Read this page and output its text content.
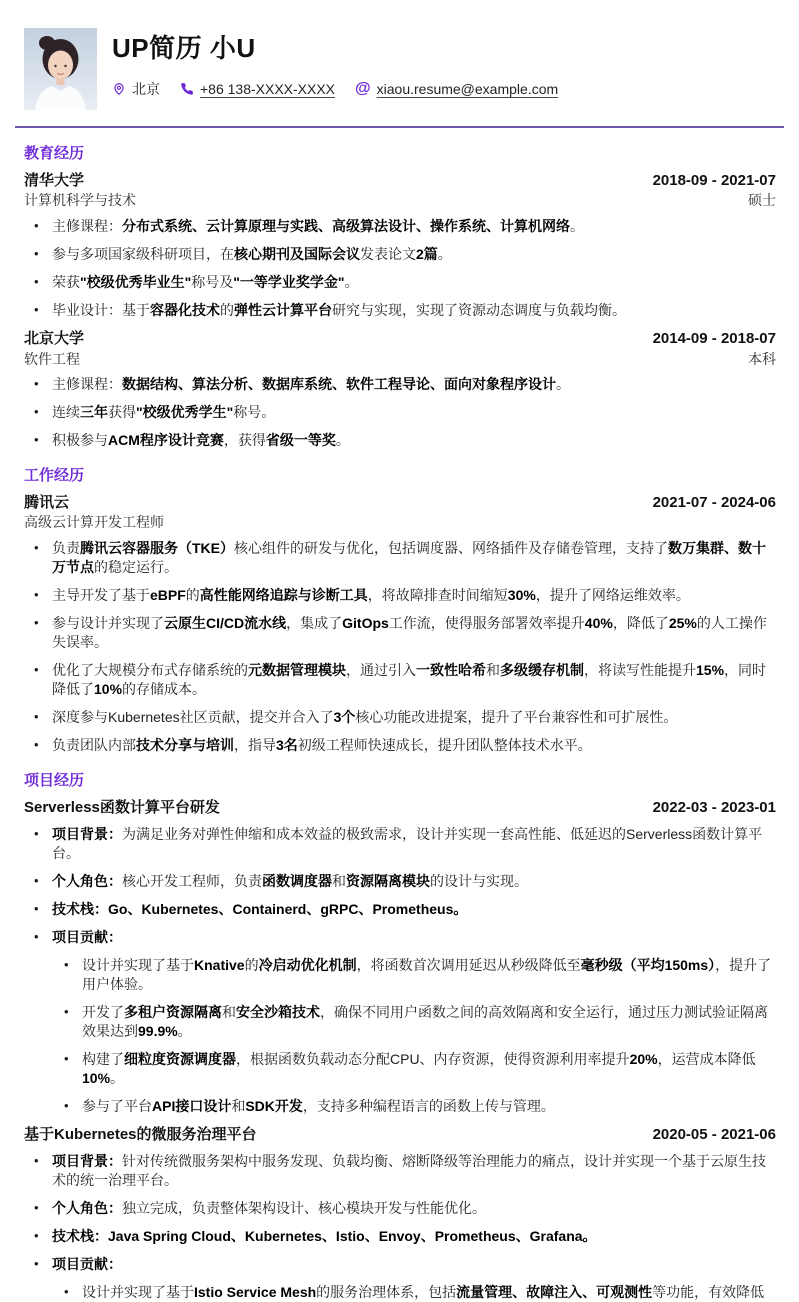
UP简历 小U
北京	+86 138-XXXX-XXXX @ xiaou.resume@example.com
教育经历
清华大学	2018-09 - 2021-07
计算机科学与技术	硕士
• 主修课程：分布式系统、云计算原理与实践、高级算法设计、操作系统、计算机网络。
• 参与多项国家级科研项目，在核心期刊及国际会议发表论文2篇。
• 荣获"校级优秀毕业生"称号及"一等学业奖学金"。
• 毕业设计：基于容器化技术的弹性云计算平台研究与实现，实现了资源动态调度与负载均衡。
北京大学	2014-09 - 2018-07
软件工程	本科
• 主修课程：数据结构、算法分析、数据库系统、软件工程导论、面向对象程序设计。
• 连续三年获得"校级优秀学生"称号。
• 积极参与ACM程序设计竞赛，获得省级一等奖。
工作经历
腾讯云	2021-07 - 2024-06
高级云计算开发工程师
• 负责腾讯云容器服务（TKE）核心组件的研发与优化，包括调度器、网络插件及存储卷管理，支持了数万集群、数十万节点的稳定运行。
• 主导开发了基于eBPF的高性能网络追踪与诊断工具，将故障排查时间缩短30%，提升了网络运维效率。
• 参与设计并实现了云原生CI/CD流水线，集成了GitOps工作流，使得服务部署效率提升40%，降低了25%的人工操作失误率。
• 优化了大规模分布式存储系统的元数据管理模块，通过引入一致性哈希和多级缓存机制，将读写性能提升15%，同时降低了10%的存储成本。
• 深度参与Kubernetes社区贡献，提交并合入了3个核心功能改进提案，提升了平台兼容性和可扩展性。
• 负责团队内部技术分享与培训，指导3名初级工程师快速成长，提升团队整体技术水平。
项目经历
Serverless函数计算平台研发	2022-03 - 2023-01
• 项目背景：为满足业务对弹性伸缩和成本效益的极致需求，设计并实现一套高性能、低延迟的Serverless函数计算平台。
• 个人角色：核心开发工程师，负责函数调度器和资源隔离模块的设计与实现。
• 技术栈：Go、Kubernetes、Containerd、gRPC、Prometheus。
• 项目贡献：
• 设计并实现了基于Knative的冷启动优化机制，将函数首次调用延迟从秒级降低至毫秒级（平均150ms），提升了用户体验。
• 开发了多租户资源隔离和安全沙箱技术，确保不同用户函数之间的高效隔离和安全运行，通过压力测试验证隔离效果达到99.9%。
• 构建了细粒度资源调度器，根据函数负载动态分配CPU、内存资源，使得资源利用率提升20%，运营成本降低10%。
• 参与了平台API接口设计和SDK开发，支持多种编程语言的函数上传与管理。
基于Kubernetes的微服务治理平台	2020-05 - 2021-06
• 项目背景：针对传统微服务架构中服务发现、负载均衡、熔断降级等治理能力的痛点，设计并实现一个基于云原生技术的统一治理平台。
• 个人角色：独立完成，负责整体架构设计、核心模块开发与性能优化。
• 技术栈：Java Spring Cloud、Kubernetes、Istio、Envoy、Prometheus、Grafana。
• 项目贡献：
• 设计并实现了基于Istio Service Mesh的服务治理体系，包括流量管理、故障注入、可观测性等功能，有效降低
